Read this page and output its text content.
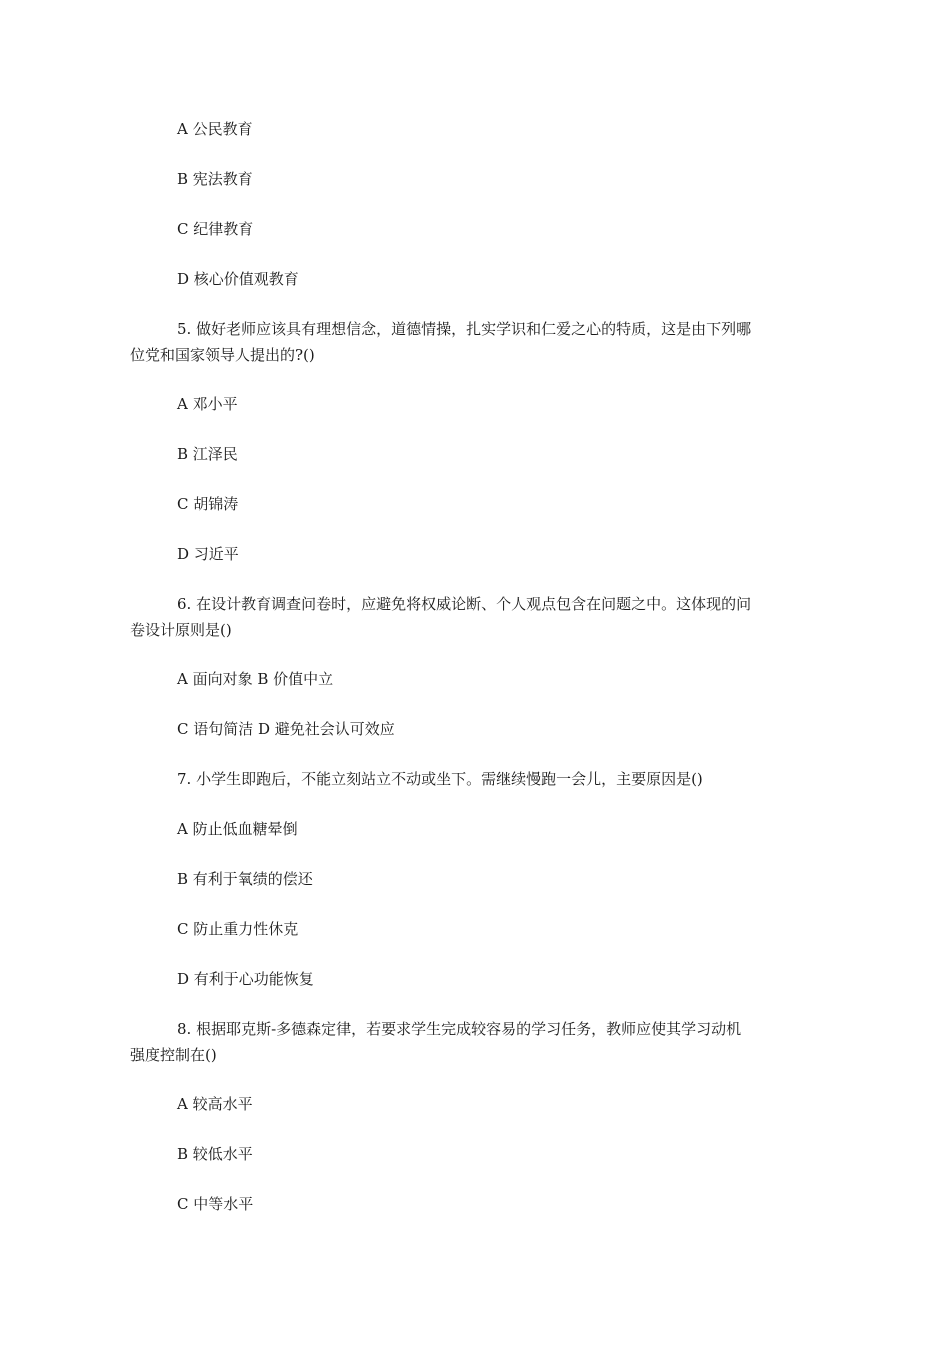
A 公民教育
B 宪法教育
C 纪律教育
D 核心价值观教育
5. 做好老师应该具有理想信念，道德情操，扎实学识和仁爱之心的特质，这是由下列哪
位党和国家领导人提出的?()
A 邓小平
B 江泽民
C 胡锦涛
D 习近平
6. 在设计教育调查问卷时，应避免将权威论断、个人观点包含在问题之中。这体现的问
卷设计原则是()
A 面向对象 B 价值中立
C 语句简洁 D 避免社会认可效应
7. 小学生即跑后，不能立刻站立不动或坐下。需继续慢跑一会儿，主要原因是()
A 防止低血糖晕倒
B 有利于氧绩的偿还
C 防止重力性休克
D 有利于心功能恢复
8. 根据耶克斯-多德森定律，若要求学生完成较容易的学习任务，教师应使其学习动机
强度控制在()
A 较高水平
B 较低水平
C 中等水平
